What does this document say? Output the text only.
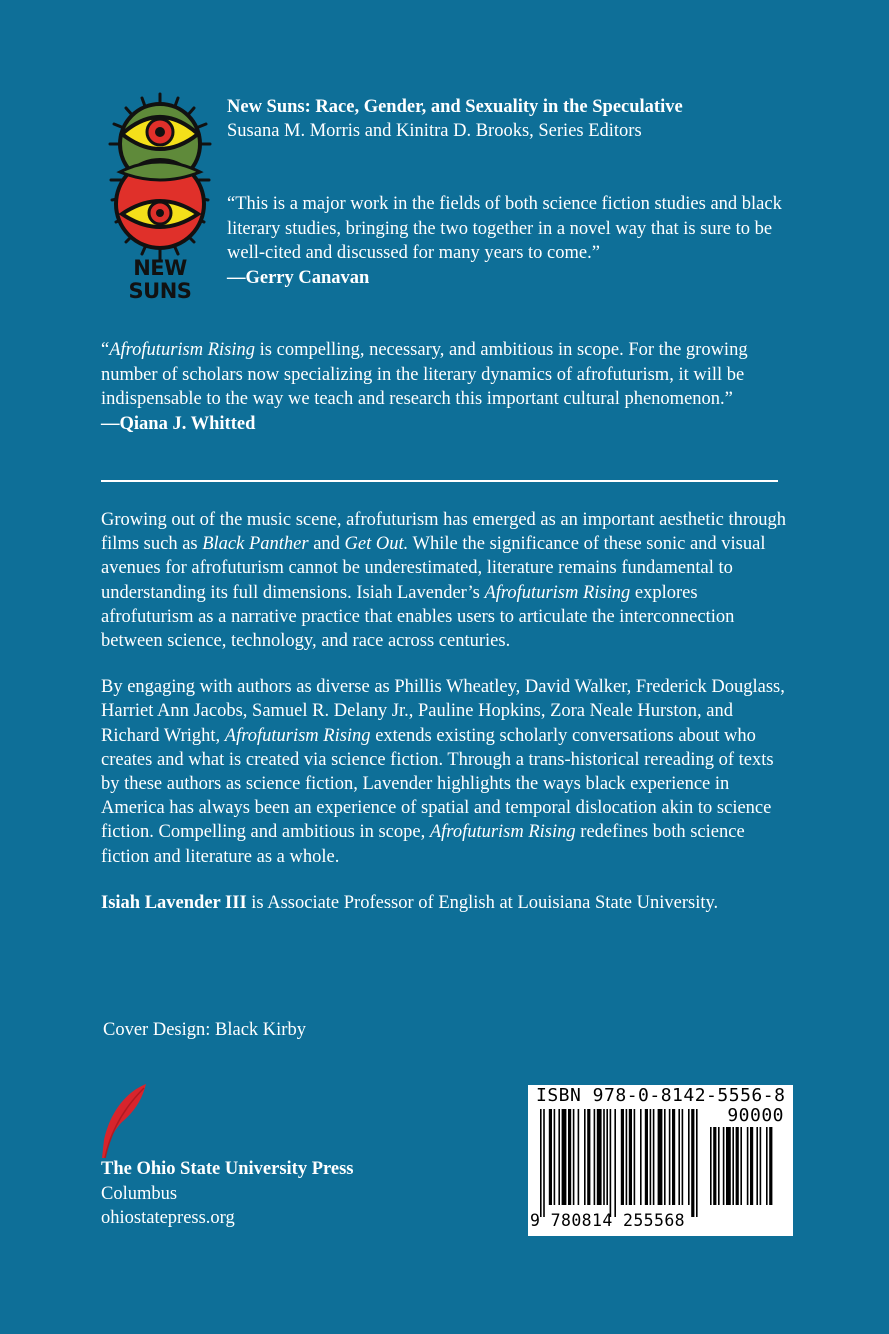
NEW
SUNS
New Suns: Race, Gender, and Sexuality in the Speculative
Susana M. Morris and Kinitra D. Brooks, Series Editors
“This is a major work in the fields of both science fiction studies and black literary studies, bringing the two together in a novel way that is sure to be well-cited and discussed for many years to come.”
—Gerry Canavan
“Afrofuturism Rising is compelling, necessary, and ambitious in scope. For the growing number of scholars now specializing in the literary dynamics of afrofuturism, it will be indispensable to the way we teach and research this important cultural phenomenon.”
—Qiana J. Whitted

Growing out of the music scene, afrofuturism has emerged as an important aesthetic through films such as Black Panther and Get Out. While the significance of these sonic and visual avenues for afrofuturism cannot be underestimated, literature remains fundamental to understanding its full dimensions. Isiah Lavender’s Afrofuturism Rising explores afrofuturism as a narrative practice that enables users to articulate the interconnection between science, technology, and race across centuries.

By engaging with authors as diverse as Phillis Wheatley, David Walker, Frederick Douglass, Harriet Ann Jacobs, Samuel R. Delany Jr., Pauline Hopkins, Zora Neale Hurston, and Richard Wright, Afrofuturism Rising extends existing scholarly conversations about who creates and what is created via science fiction. Through a trans-historical rereading of texts by these authors as science fiction, Lavender highlights the ways black experience in America has always been an experience of spatial and temporal dislocation akin to science fiction. Compelling and ambitious in scope, Afrofuturism Rising redefines both science fiction and literature as a whole.

Isiah Lavender III is Associate Professor of English at Louisiana State University.

Cover Design: Black Kirby
The Ohio State University Press
Columbus
ohiostatepress.org
ISBN 978-0-8142-5556-8
90000
9 780814 255568
